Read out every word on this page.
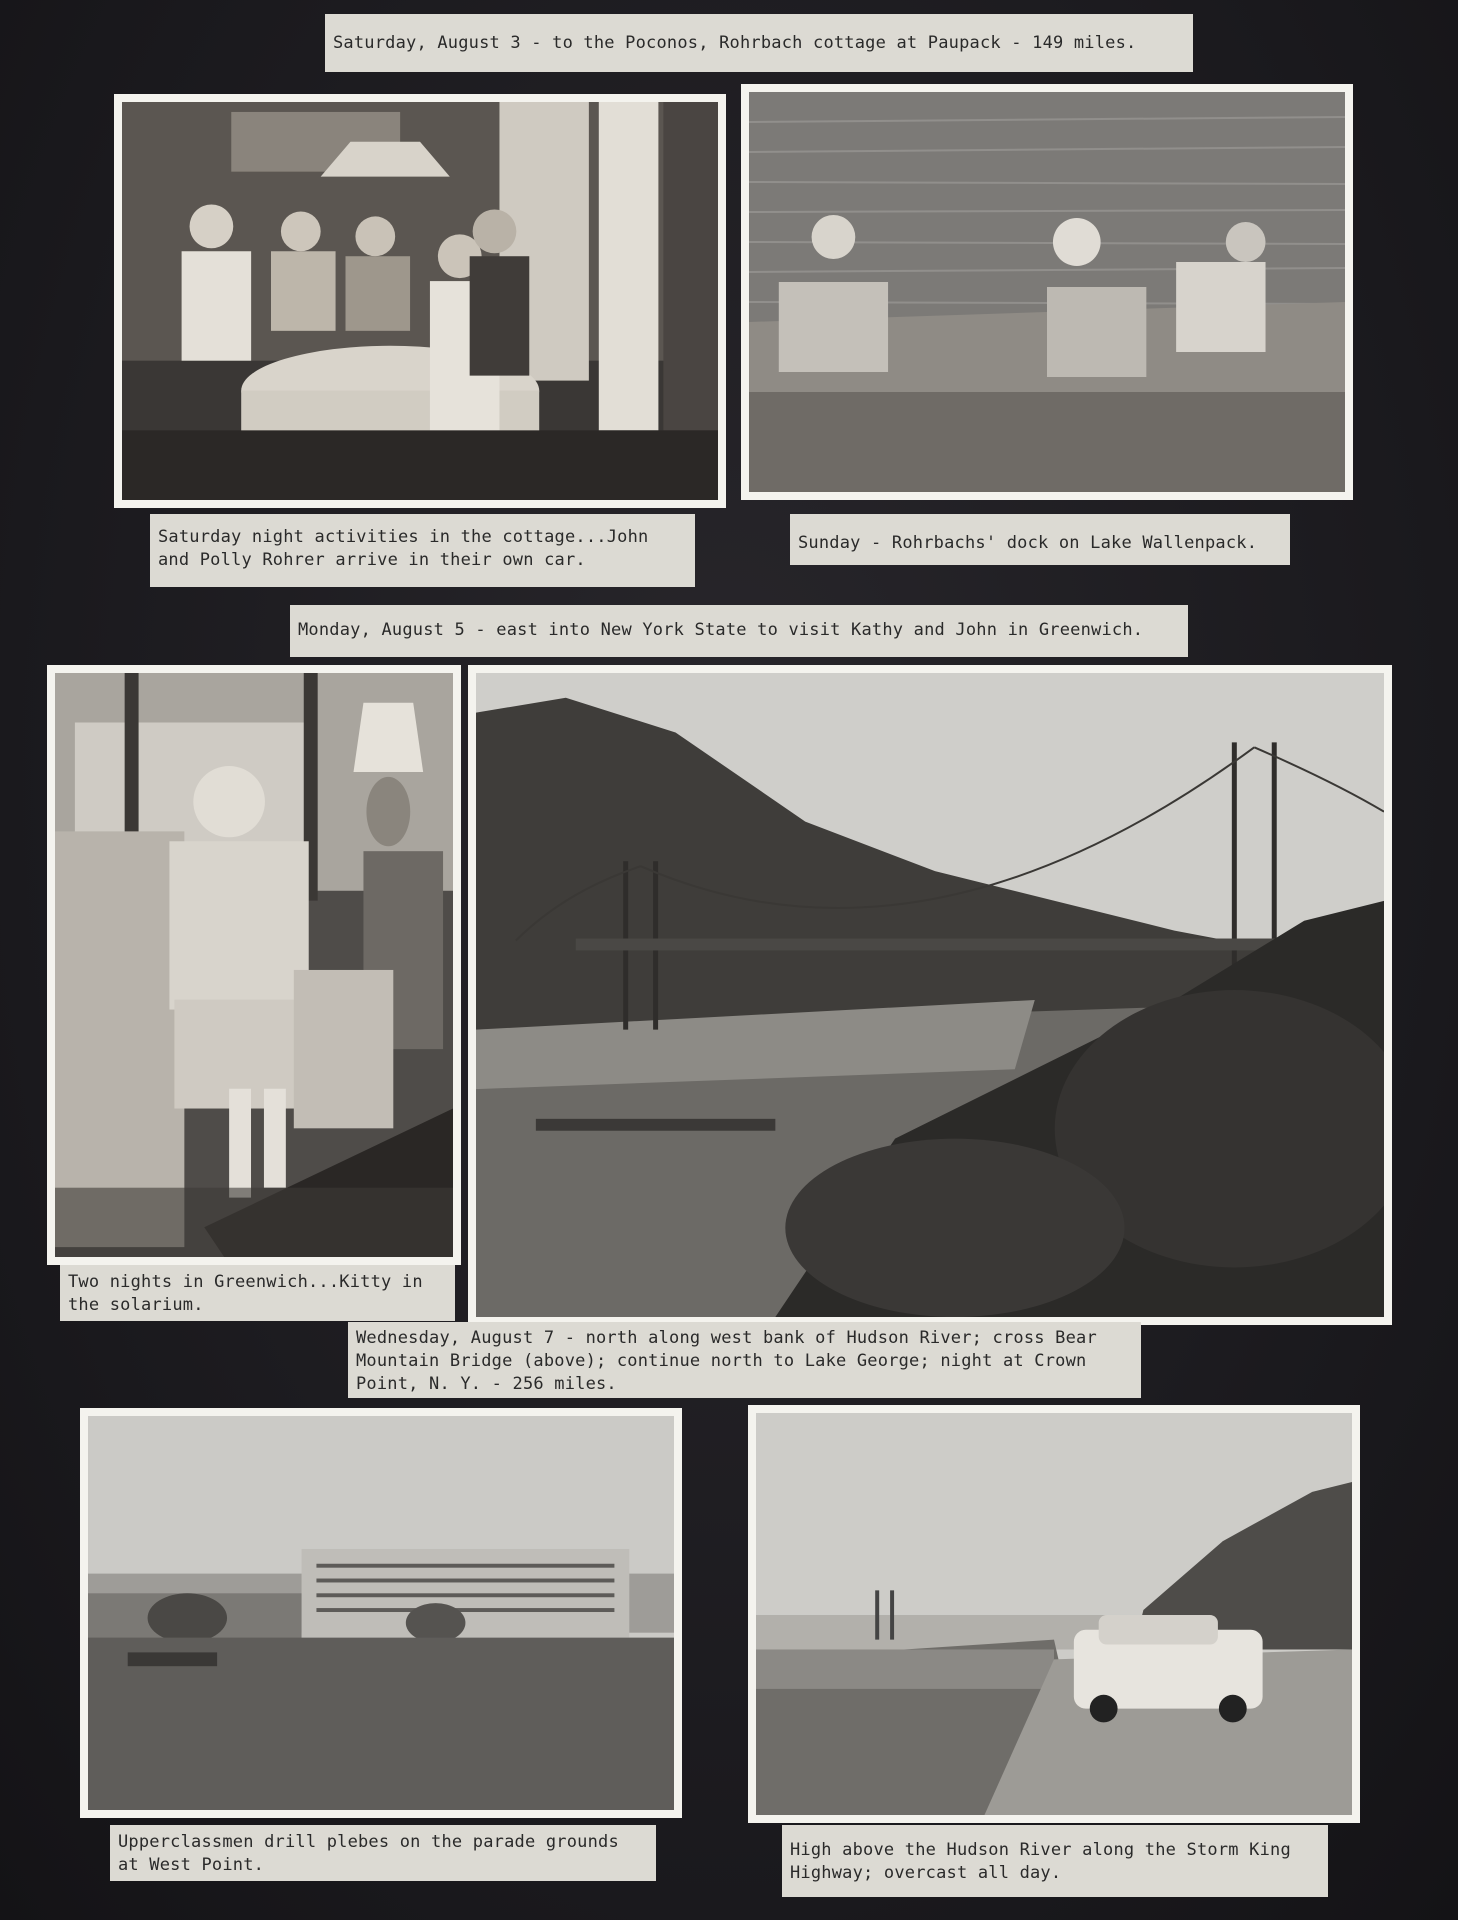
Saturday, August 3 - to the Poconos, Rohrbach cottage at Paupack - 149 miles.
Saturday night activities in the cottage...John
and Polly Rohrer arrive in their own car.
Sunday - Rohrbachs' dock on Lake Wallenpack.
Monday, August 5 - east into New York State to visit Kathy and John in Greenwich.
Two nights in Greenwich...Kitty in
the solarium.
Wednesday, August 7 - north along west bank of Hudson River; cross Bear
Mountain Bridge (above); continue north to Lake George; night at Crown
Point, N. Y. - 256 miles.
Upperclassmen drill plebes on the parade grounds
at West Point.
High above the Hudson River along the Storm King
Highway; overcast all day.
